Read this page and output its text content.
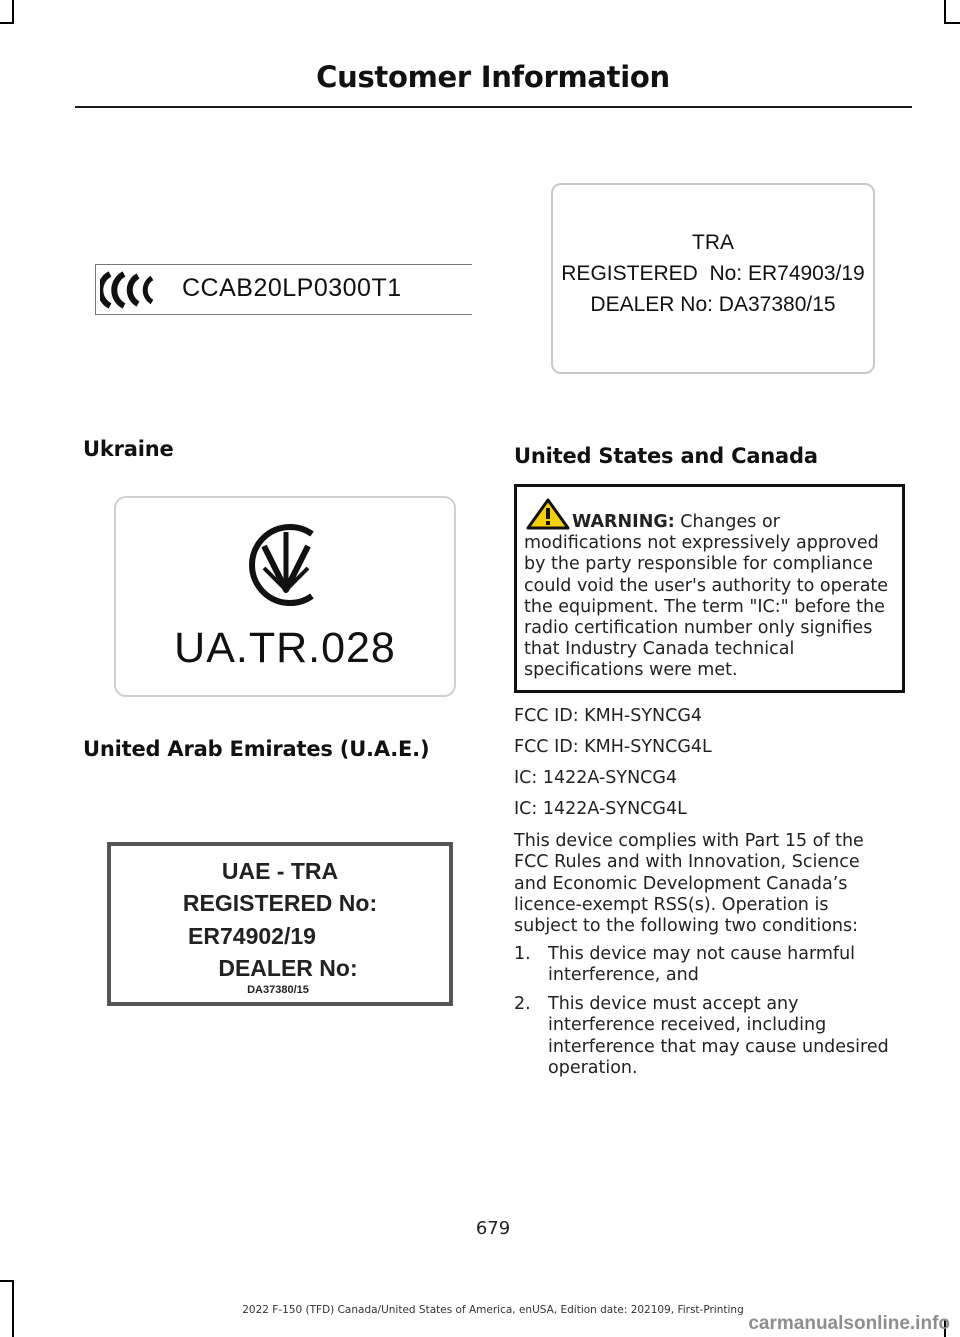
Customer Information
CCAB20LP0300T1
TRA
REGISTERED  No: ER74903/19
DEALER No: DA37380/15
Ukraine
UA.TR.028
United Arab Emirates (U.A.E.)
UAE - TRA
REGISTERED No:
ER74902/19
DEALER No:
DA37380/15
United States and Canada
WARNING: Changes or modifications not expressively approved by the party responsible for compliance could void the user's authority to operate the equipment. The term "IC:" before the radio certification number only signifies that Industry Canada technical specifications were met.
FCC ID: KMH-SYNCG4
FCC ID: KMH-SYNCG4L
IC: 1422A-SYNCG4
IC: 1422A-SYNCG4L
This device complies with Part 15 of the FCC Rules and with Innovation, Science and Economic Development Canada’s licence-exempt RSS(s). Operation is subject to the following two conditions:
1. This device may not cause harmful interference, and
2. This device must accept any interference received, including interference that may cause undesired operation.
679
2022 F-150 (TFD) Canada/United States of America, enUSA, Edition date: 202109, First-Printing
carmanualsonline.info
